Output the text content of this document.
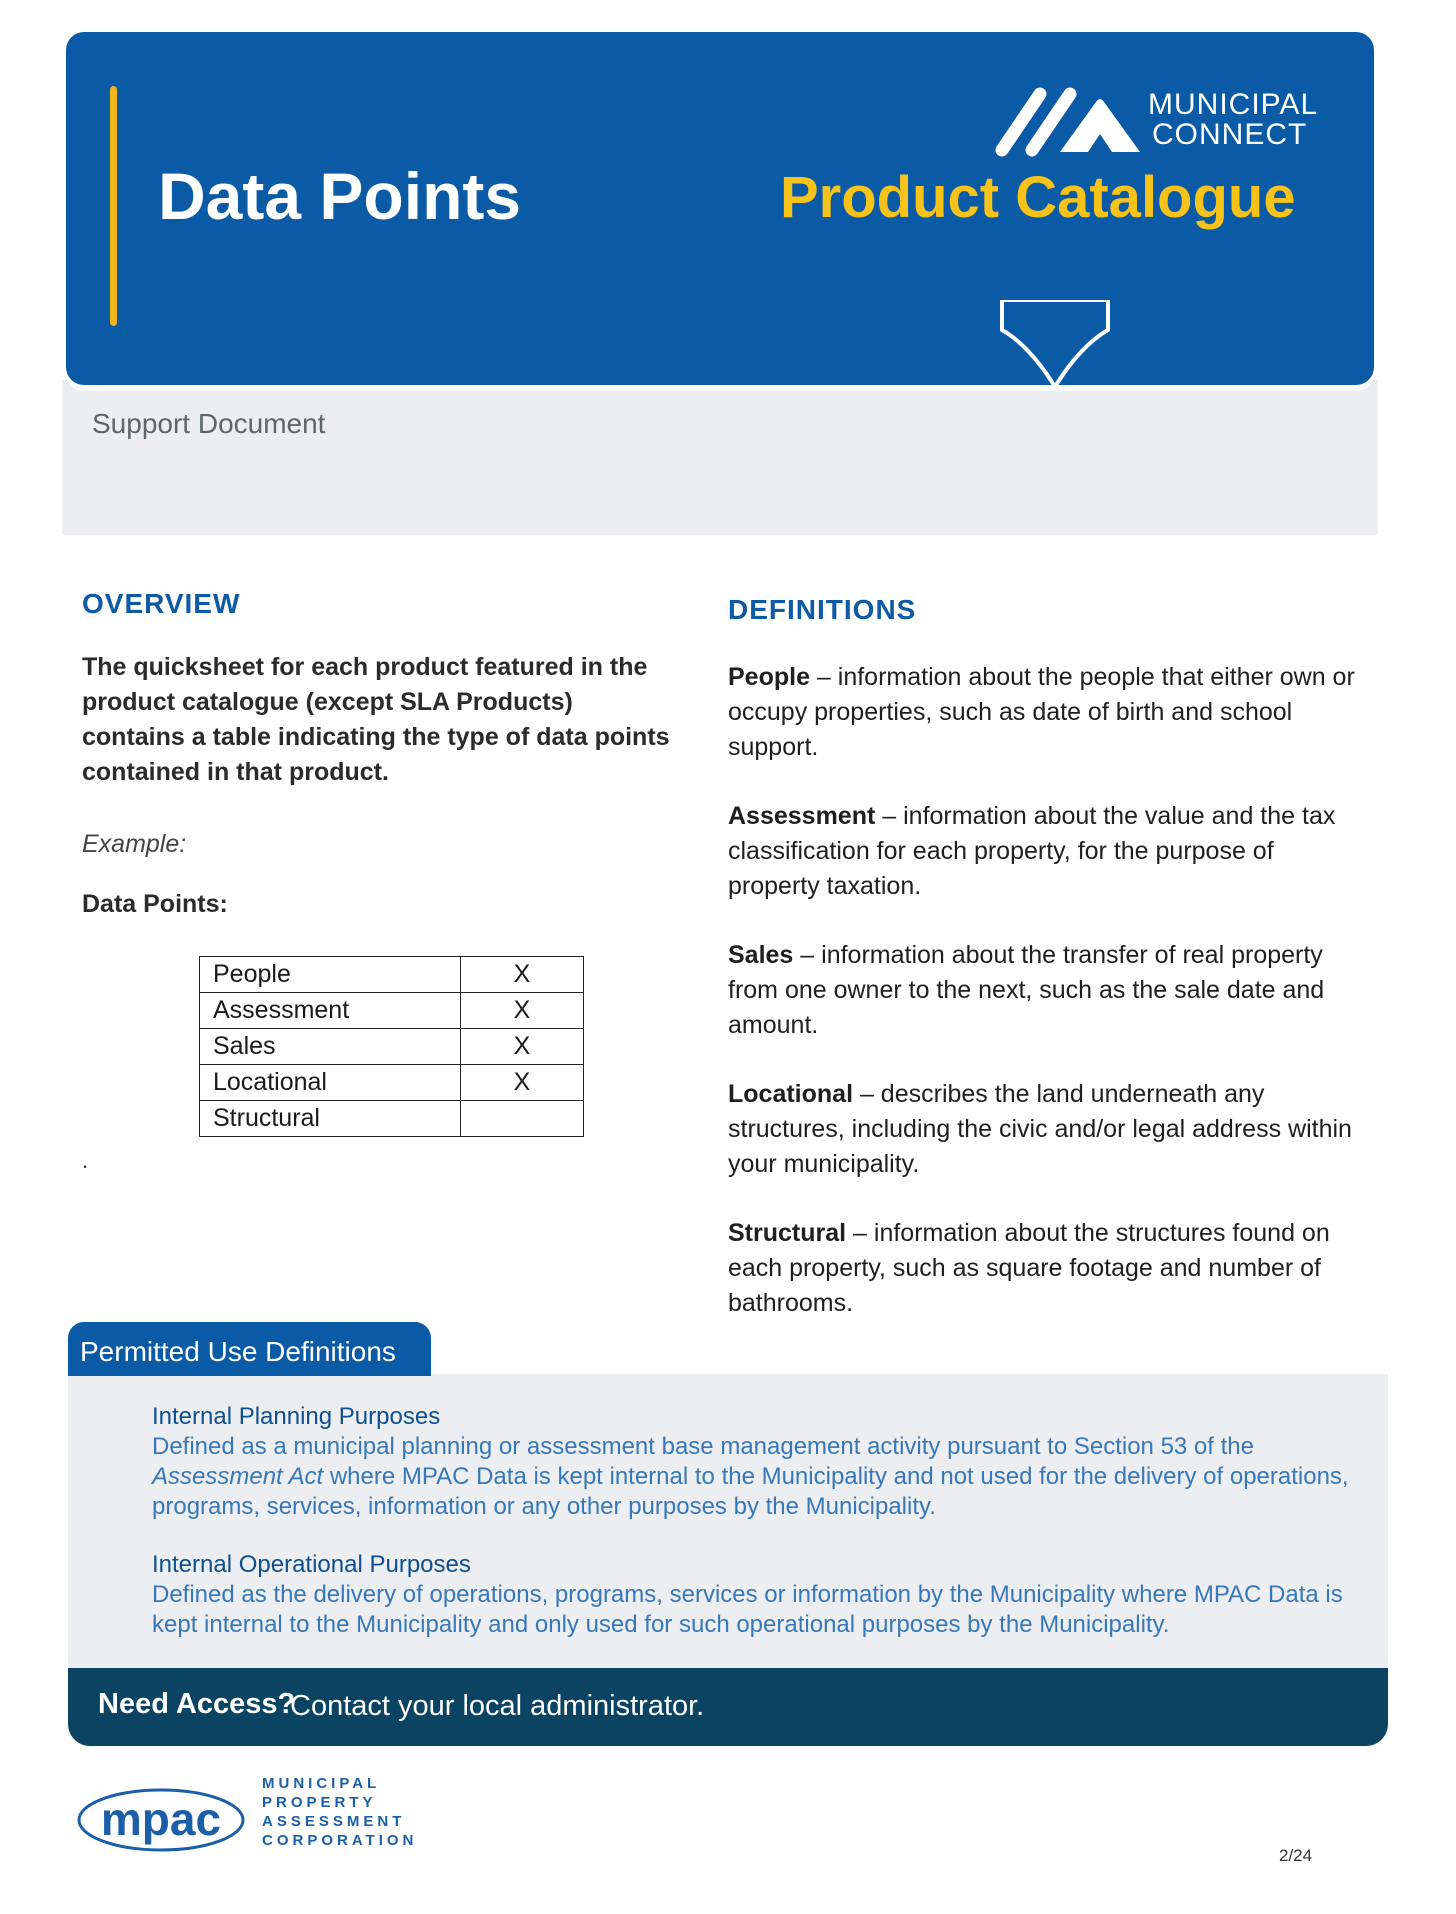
Data Points	Product Catalogue
MUNICIPAL
CONNECT
Support Document
OVERVIEW
The quicksheet for each product featured in the product catalogue (except SLA Products) contains a table indicating the type of data points contained in that product.
Example:
Data Points:
People	X
Assessment	X
Sales	X
Locational	X
Structural	
.
DEFINITIONS
People – information about the people that either own or occupy properties, such as date of birth and school support.
Assessment – information about the value and the tax classification for each property, for the purpose of property taxation.
Sales – information about the transfer of real property from one owner to the next, such as the sale date and amount.
Locational – describes the land underneath any structures, including the civic and/or legal address within your municipality.
Structural – information about the structures found on each property, such as square footage and number of bathrooms.
Permitted Use Definitions
Internal Planning Purposes
Defined as a municipal planning or assessment base management activity pursuant to Section 53 of the Assessment Act where MPAC Data is kept internal to the Municipality and not used for the delivery of operations, programs, services, information or any other purposes by the Municipality.
Internal Operational Purposes
Defined as the delivery of operations, programs, services or information by the Municipality where MPAC Data is kept internal to the Municipality and only used for such operational purposes by the Municipality.
Need Access?
Contact your local administrator.
mpac
MUNICIPAL
PROPERTY
ASSESSMENT
CORPORATION
2/24
